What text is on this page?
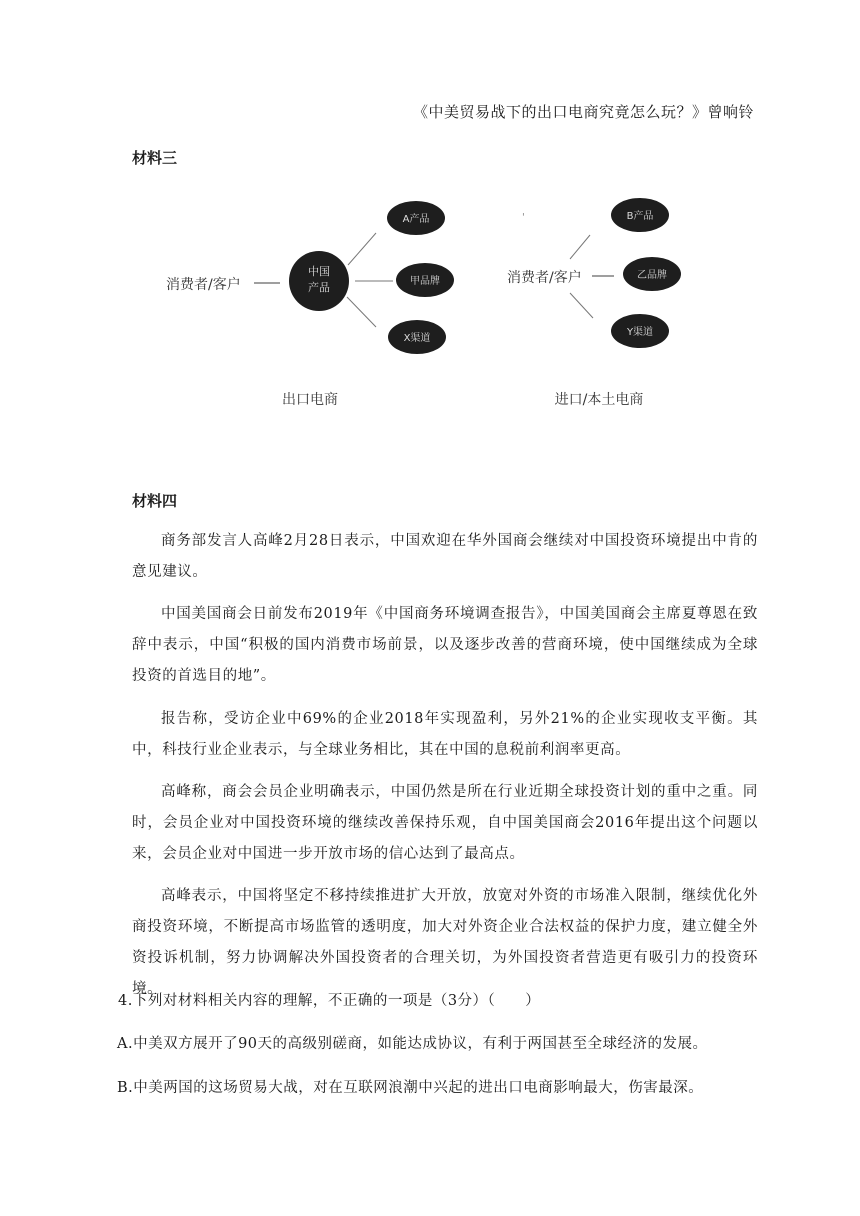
《中美贸易战下的出口电商究竟怎么玩？》曾响铃
材料三
消费者/客户
中国
产品
A产品
甲品牌
X渠道
出口电商
'
消费者/客户
B产品
乙品牌
Y渠道
进口/本土电商
材料四
商务部发言人高峰2月28日表示，中国欢迎在华外国商会继续对中国投资环境提出中肯的意见建议。
中国美国商会日前发布2019年《中国商务环境调查报告》，中国美国商会主席夏尊恩在致辞中表示，中国“积极的国内消费市场前景，以及逐步改善的营商环境，使中国继续成为全球投资的首选目的地”。
报告称，受访企业中69%的企业2018年实现盈利，另外21%的企业实现收支平衡。其中，科技行业企业表示，与全球业务相比，其在中国的息税前利润率更高。
高峰称，商会会员企业明确表示，中国仍然是所在行业近期全球投资计划的重中之重。同时，会员企业对中国投资环境的继续改善保持乐观，自中国美国商会2016年提出这个问题以来，会员企业对中国进一步开放市场的信心达到了最高点。
高峰表示，中国将坚定不移持续推进扩大开放，放宽对外资的市场准入限制，继续优化外商投资环境，不断提高市场监管的透明度，加大对外资企业合法权益的保护力度，建立健全外资投诉机制，努力协调解决外国投资者的合理关切，为外国投资者营造更有吸引力的投资环境。
4.下列对材料相关内容的理解，不正确的一项是（3分）（　　）
A.中美双方展开了90天的高级别磋商，如能达成协议，有利于两国甚至全球经济的发展。
B.中美两国的这场贸易大战，对在互联网浪潮中兴起的进出口电商影响最大，伤害最深。
